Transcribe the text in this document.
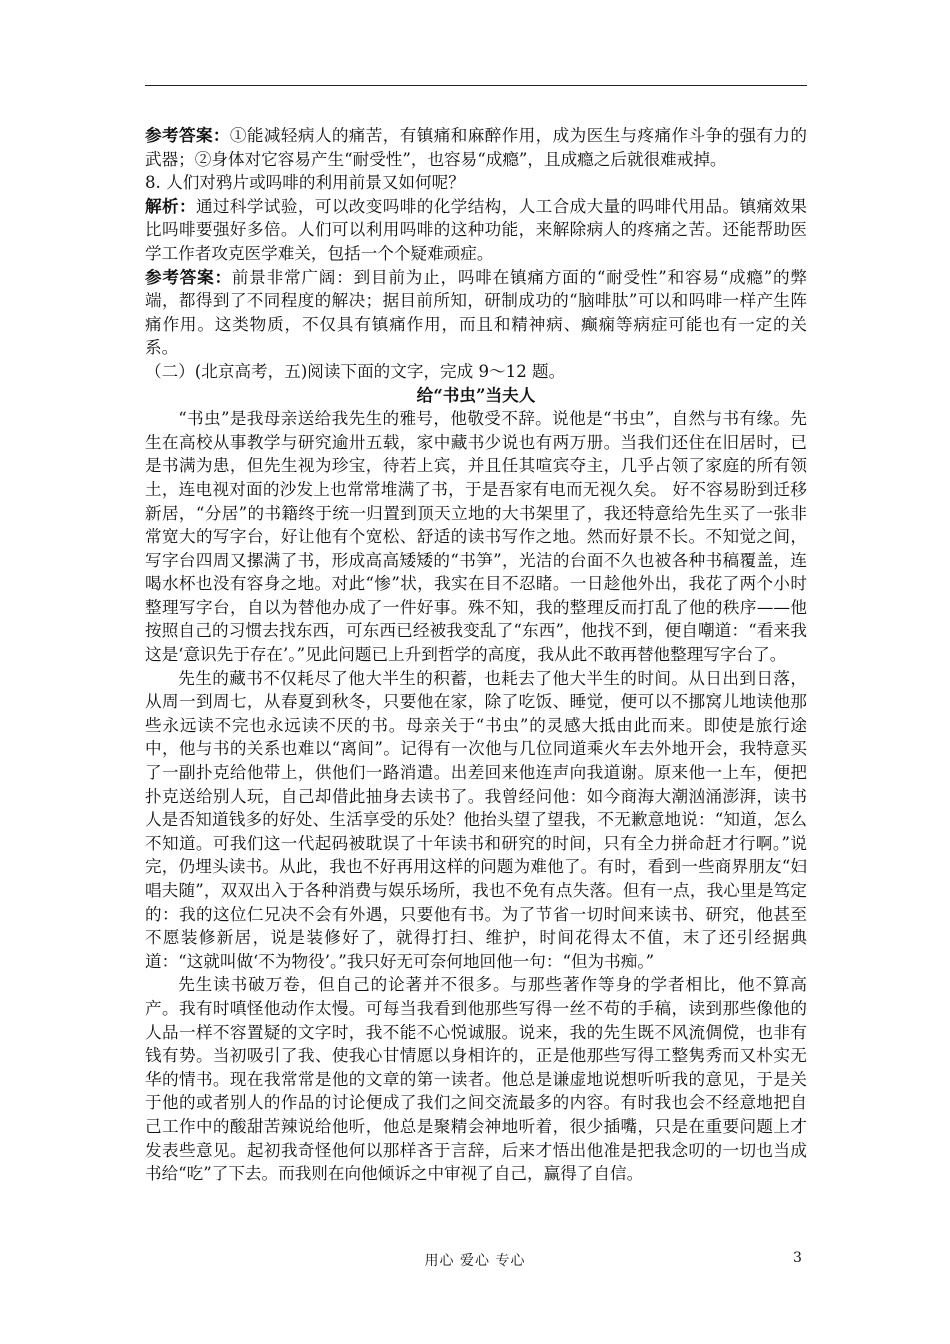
参考答案：①能减轻病人的痛苦，有镇痛和麻醉作用，成为医生与疼痛作斗争的强有力的武器；②身体对它容易产生“耐受性”，也容易“成瘾”，且成瘾之后就很难戒掉。

8. 人们对鸦片或吗啡的利用前景又如何呢？

解析：通过科学试验，可以改变吗啡的化学结构，人工合成大量的吗啡代用品。镇痛效果比吗啡要强好多倍。人们可以利用吗啡的这种功能，来解除病人的疼痛之苦。还能帮助医学工作者攻克医学难关，包括一个个疑难顽症。

参考答案：前景非常广阔：到目前为止，吗啡在镇痛方面的“耐受性”和容易“成瘾”的弊端，都得到了不同程度的解决；据目前所知，研制成功的“脑啡肽”可以和吗啡一样产生阵痛作用。这类物质，不仅具有镇痛作用，而且和精神病、癫痫等病症可能也有一定的关系。

（二）(北京高考，五)阅读下面的文字，完成 9～12 题。

给“书虫”当夫人

“书虫”是我母亲送给我先生的雅号，他敬受不辞。说他是“书虫”，自然与书有缘。先生在高校从事教学与研究逾卅五载，家中藏书少说也有两万册。当我们还住在旧居时，已是书满为患，但先生视为珍宝，待若上宾，并且任其喧宾夺主，几乎占领了家庭的所有领土，连电视对面的沙发上也常常堆满了书，于是吾家有电而无视久矣。 好不容易盼到迁移新居，“分居”的书籍终于统一归置到顶天立地的大书架里了，我还特意给先生买了一张非常宽大的写字台，好让他有个宽松、舒适的读书写作之地。然而好景不长。不知觉之间，写字台四周又摞满了书，形成高高矮矮的“书笋”，光洁的台面不久也被各种书稿覆盖，连喝水杯也没有容身之地。对此“惨”状，我实在目不忍睹。一日趁他外出，我花了两个小时整理写字台，自以为替他办成了一件好事。殊不知，我的整理反而打乱了他的秩序——他按照自己的习惯去找东西，可东西已经被我变乱了“东西”，他找不到，便自嘲道：“看来我这是‘意识先于存在’。”见此问题已上升到哲学的高度，我从此不敢再替他整理写字台了。

先生的藏书不仅耗尽了他大半生的积蓄，也耗去了他大半生的时间。从日出到日落，从周一到周七，从春夏到秋冬，只要他在家，除了吃饭、睡觉，便可以不挪窝儿地读他那些永远读不完也永远读不厌的书。母亲关于“书虫”的灵感大抵由此而来。即使是旅行途中，他与书的关系也难以“离间”。记得有一次他与几位同道乘火车去外地开会，我特意买了一副扑克给他带上，供他们一路消遣。出差回来他连声向我道谢。原来他一上车，便把扑克送给别人玩，自己却借此抽身去读书了。我曾经问他：如今商海大潮汹涌澎湃，读书人是否知道钱多的好处、生活享受的乐处？他抬头望了望我，不无歉意地说：“知道，怎么不知道。可我们这一代起码被耽误了十年读书和研究的时间，只有全力拼命赶才行啊。”说完，仍埋头读书。从此，我也不好再用这样的问题为难他了。有时，看到一些商界朋友“妇唱夫随”，双双出入于各种消费与娱乐场所，我也不免有点失落。但有一点，我心里是笃定的：我的这位仁兄决不会有外遇，只要他有书。为了节省一切时间来读书、研究，他甚至不愿装修新居，说是装修好了，就得打扫、维护，时间花得太不值，末了还引经据典道：“这就叫做‘不为物役’。”我只好无可奈何地回他一句：“但为书痴。”

先生读书破万卷，但自己的论著并不很多。与那些著作等身的学者相比，他不算高产。我有时嗔怪他动作太慢。可每当我看到他那些写得一丝不苟的手稿，读到那些像他的人品一样不容置疑的文字时，我不能不心悦诚服。说来，我的先生既不风流倜傥，也非有钱有势。当初吸引了我、使我心甘情愿以身相许的，正是他那些写得工整隽秀而又朴实无华的情书。现在我常常是他的文章的第一读者。他总是谦虚地说想听听我的意见，于是关于他的或者别人的作品的讨论便成了我们之间交流最多的内容。有时我也会不经意地把自己工作中的酸甜苦辣说给他听，他总是聚精会神地听着，很少插嘴，只是在重要问题上才发表些意见。起初我奇怪他何以那样吝于言辞，后来才悟出他准是把我念叨的一切也当成书给“吃”了下去。而我则在向他倾诉之中审视了自己，赢得了自信。

用心 爱心 专心	3
